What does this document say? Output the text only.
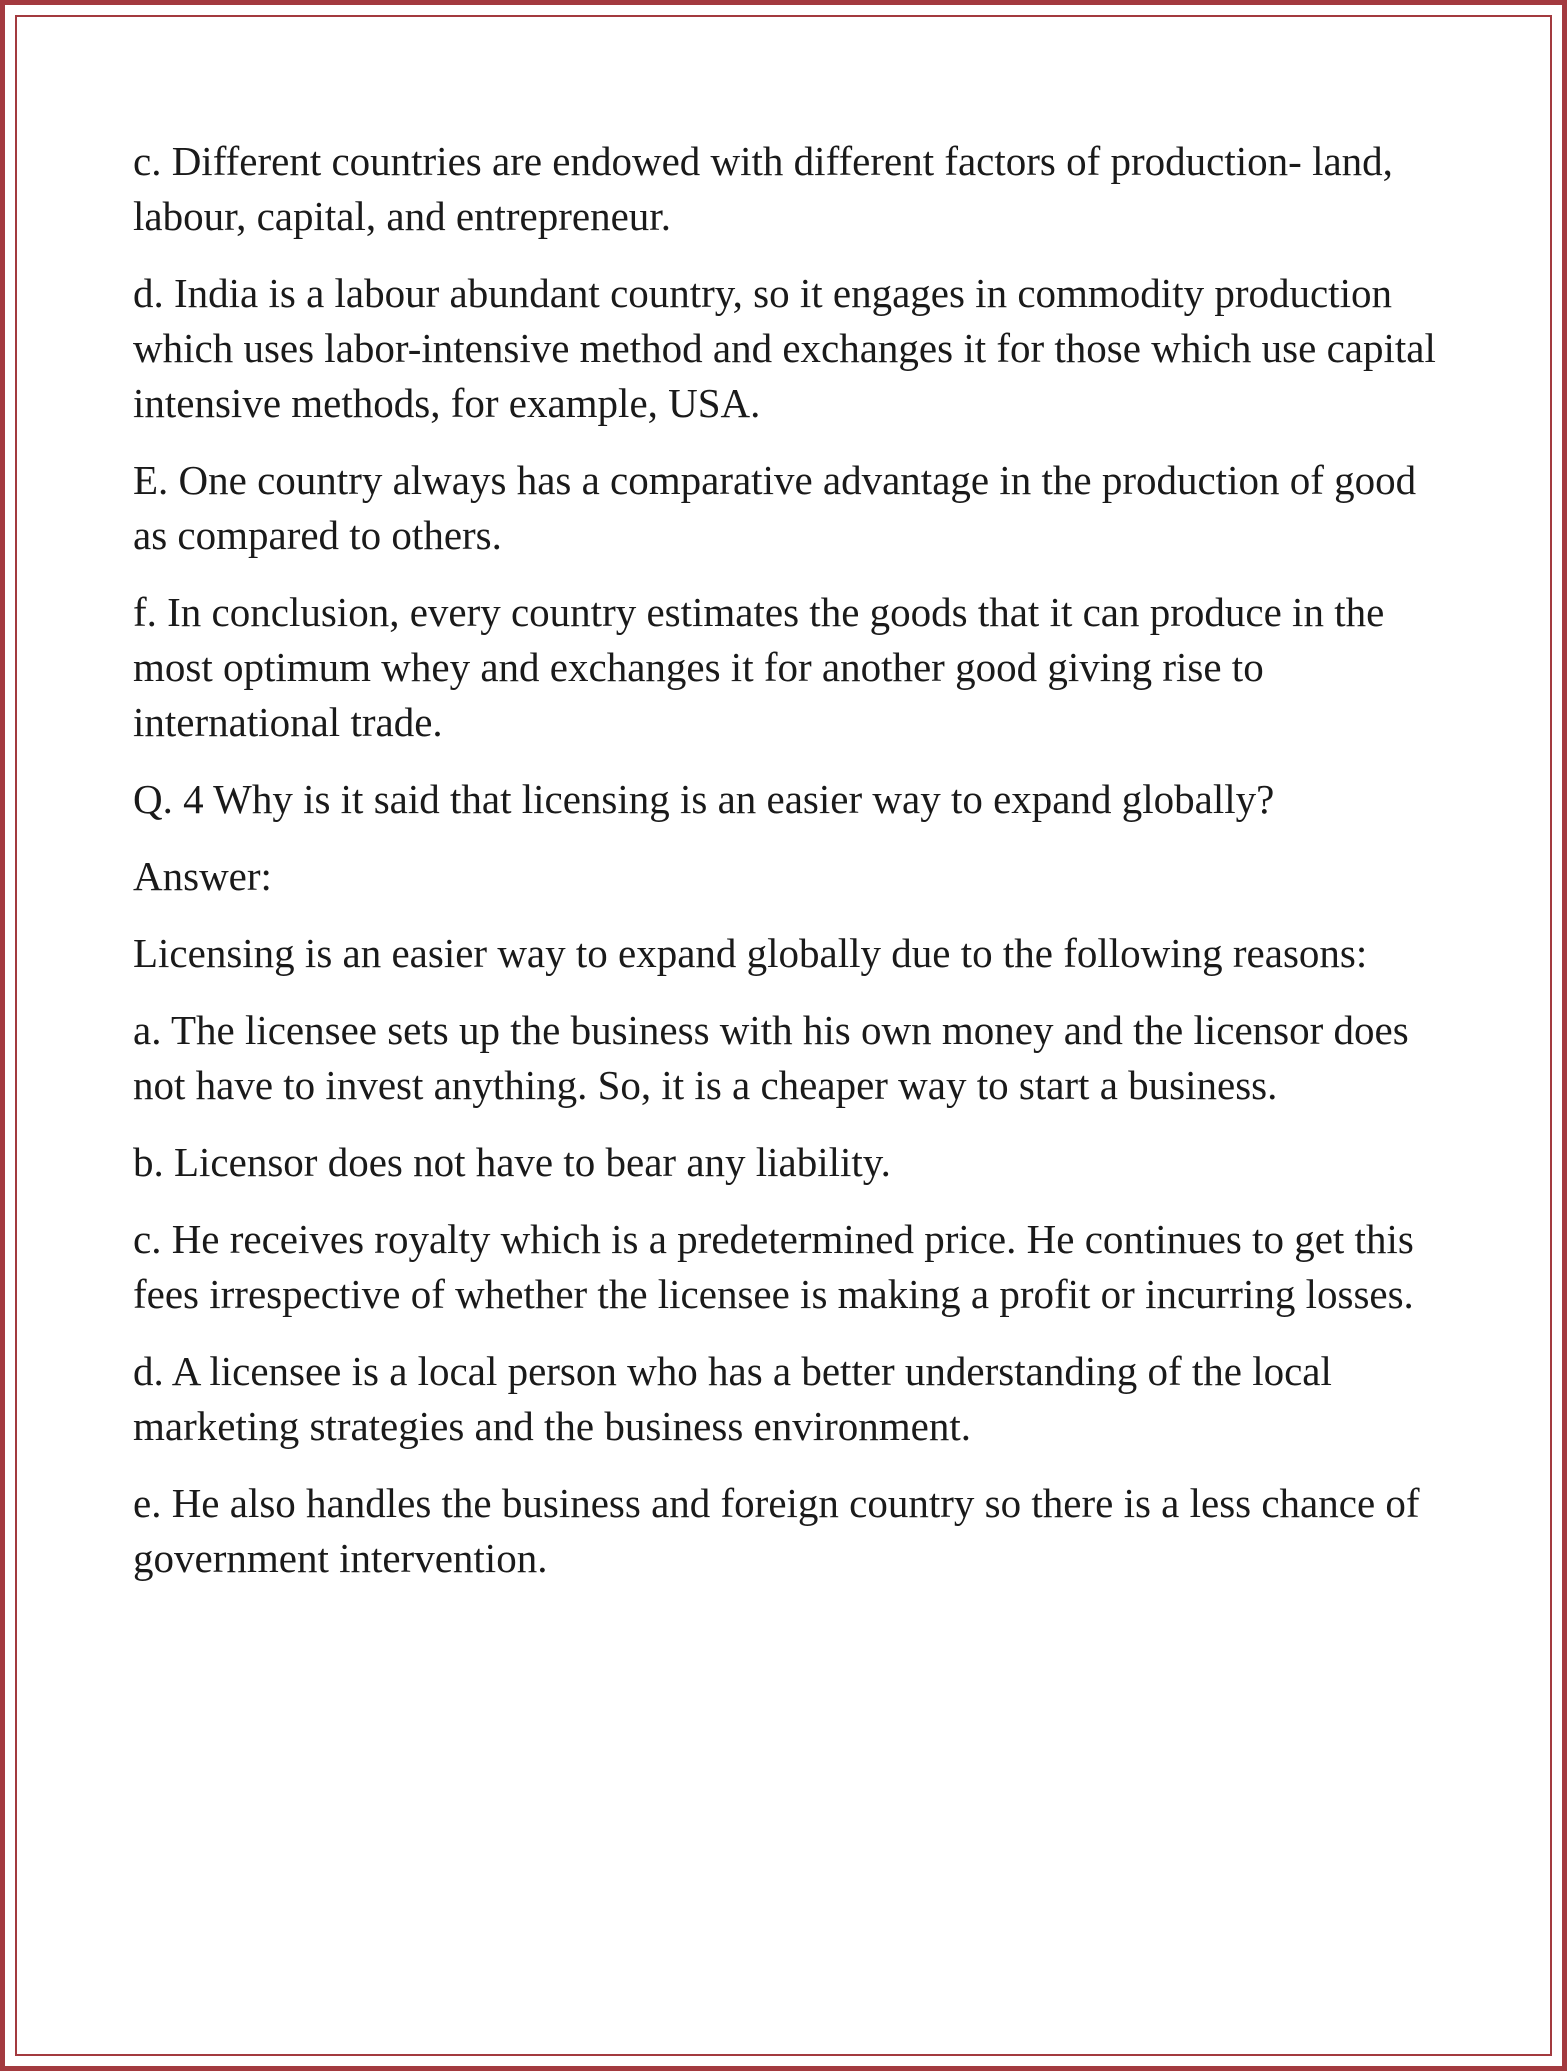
c. Different countries are endowed with different factors of production- land, labour, capital, and entrepreneur.

d. India is a labour abundant country, so it engages in commodity production which uses labor-intensive method and exchanges it for those which use capital intensive methods, for example, USA.

E. One country always has a comparative advantage in the production of good as compared to others.

f. In conclusion, every country estimates the goods that it can produce in the most optimum whey and exchanges it for another good giving rise to international trade.

Q. 4 Why is it said that licensing is an easier way to expand globally?

Answer:

Licensing is an easier way to expand globally due to the following reasons:

a. The licensee sets up the business with his own money and the licensor does not have to invest anything. So, it is a cheaper way to start a business.

b. Licensor does not have to bear any liability.

c. He receives royalty which is a predetermined price. He continues to get this fees irrespective of whether the licensee is making a profit or incurring losses.

d. A licensee is a local person who has a better understanding of the local marketing strategies and the business environment.

e. He also handles the business and foreign country so there is a less chance of government intervention.
